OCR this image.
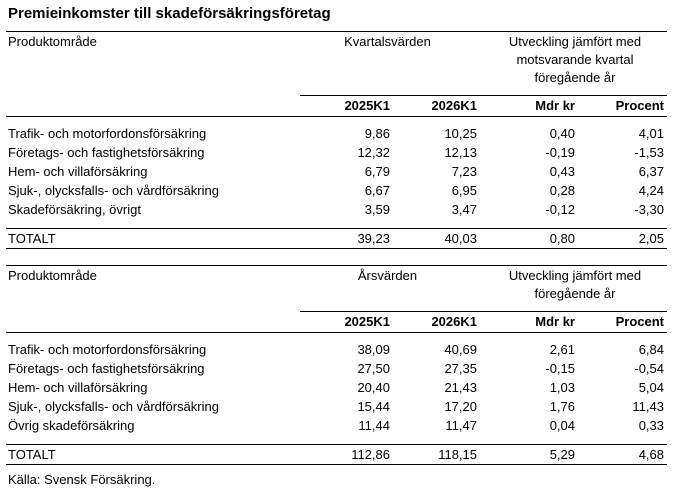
Premieinkomster till skadeförsäkringsföretag
Produktområde	Kvartalsvärden	Utveckling jämfört med
motsvarande kvartal
föregående år
2025K1	2026K1	Mdr kr	Procent
Trafik- och motorfordonsförsäkring	9,86	10,25	0,40	4,01
Företags- och fastighetsförsäkring	12,32	12,13	-0,19	-1,53
Hem- och villaförsäkring	6,79	7,23	0,43	6,37
Sjuk-, olycksfalls- och vårdförsäkring	6,67	6,95	0,28	4,24
Skadeförsäkring, övrigt	3,59	3,47	-0,12	-3,30
TOTALT	39,23	40,03	0,80	2,05
Produktområde	Årsvärden	Utveckling jämfört med
föregående år
2025K1	2026K1	Mdr kr	Procent
Trafik- och motorfordonsförsäkring	38,09	40,69	2,61	6,84
Företags- och fastighetsförsäkring	27,50	27,35	-0,15	-0,54
Hem- och villaförsäkring	20,40	21,43	1,03	5,04
Sjuk-, olycksfalls- och vårdförsäkring	15,44	17,20	1,76	11,43
Övrig skadeförsäkring	11,44	11,47	0,04	0,33
TOTALT	112,86	118,15	5,29	4,68
Källa: Svensk Försäkring.
